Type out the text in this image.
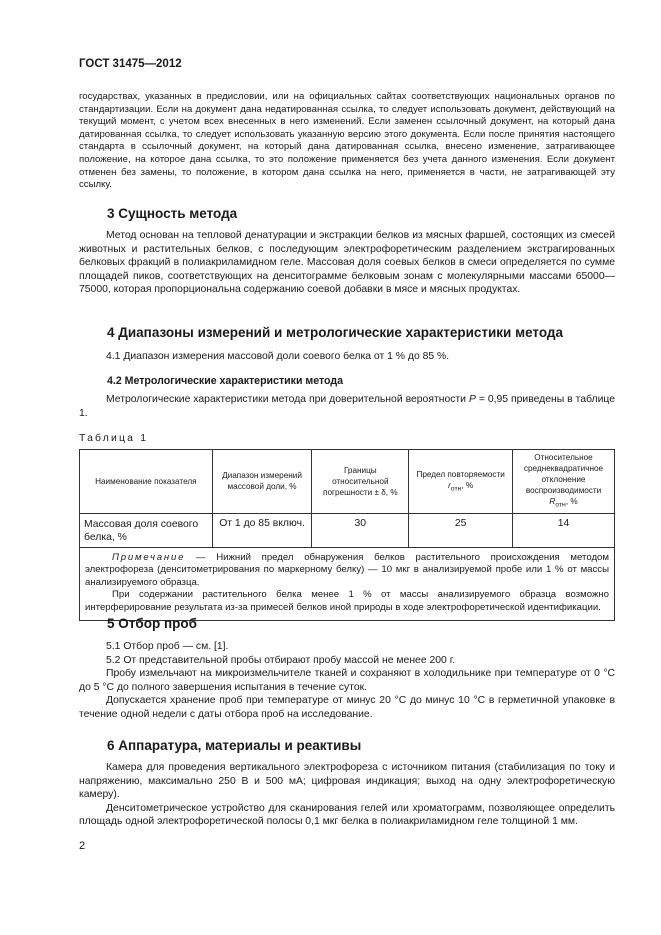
ГОСТ 31475—2012

государствах, указанных в предисловии, или на официальных сайтах соответствующих национальных органов по стандартизации. Если на документ дана недатированная ссылка, то следует использовать документ, действующий на текущий момент, с учетом всех внесенных в него изменений. Если заменен ссылочный документ, на который дана датированная ссылка, то следует использовать указанную версию этого документа. Если после принятия настоящего стандарта в ссылочный документ, на который дана датированная ссылка, внесено изменение, затрагивающее положение, на которое дана ссылка, то это положение применяется без учета данного изменения. Если документ отменен без замены, то положение, в котором дана ссылка на него, применяется в части, не затрагивающей эту ссылку.

3 Сущность метода

Метод основан на тепловой денатурации и экстракции белков из мясных фаршей, состоящих из смесей животных и растительных белков, с последующим электрофоретическим разделением экстрагированных белковых фракций в полиакриламидном геле. Массовая доля соевых белков в смеси определяется по сумме площадей пиков, соответствующих на денситограмме белковым зонам с молекулярными массами 65000—75000, которая пропорциональна содержанию соевой добавки в мясе и мясных продуктах.

4 Диапазоны измерений и метрологические характеристики метода

4.1 Диапазон измерения массовой доли соевого белка от 1 % до 85 %.

4.2 Метрологические характеристики метода

Метрологические характеристики метода при доверительной вероятности P = 0,95 приведены в таблице 1.

Таблица 1
Наименование показателя	Диапазон измерений массовой доли, %	Границы относительной погрешности ± δ, %	Предел повторяемости $r_{отн}$, %	Относительное среднеквадратичное отклонение воспроизводимости $R_{отн}$, %
Массовая доля соевого белка, %	От 1 до 85 включ.	30	25	14

Примечание — Нижний предел обнаружения белков растительного происхождения методом электрофореза (денситометрирования по маркерному белку) — 10 мкг в анализируемой пробе или 1 % от массы анализируемого образца.

При содержании растительного белка менее 1 % от массы анализируемого образца возможно интерферирование результата из-за примесей белков иной природы в ходе электрофоретической идентификации.				

5 Отбор проб

5.1 Отбор проб — см. [1].

5.2 От представительной пробы отбирают пробу массой не менее 200 г.

Пробу измельчают на микроизмельчителе тканей и сохраняют в холодильнике при температуре от 0 °С до 5 °С до полного завершения испытания в течение суток.

Допускается хранение проб при температуре от минус 20 °С до минус 10 °С в герметичной упаковке в течение одной недели с даты отбора проб на исследование.

6 Аппаратура, материалы и реактивы

Камера для проведения вертикального электрофореза с источником питания (стабилизация по току и напряжению, максимально 250 В и 500 мА; цифровая индикация; выход на одну электрофоретическую камеру).

Денситометрическое устройство для сканирования гелей или хроматограмм, позволяющее определить площадь одной электрофоретической полосы 0,1 мкг белка в полиакриламидном геле толщиной 1 мм.

2
